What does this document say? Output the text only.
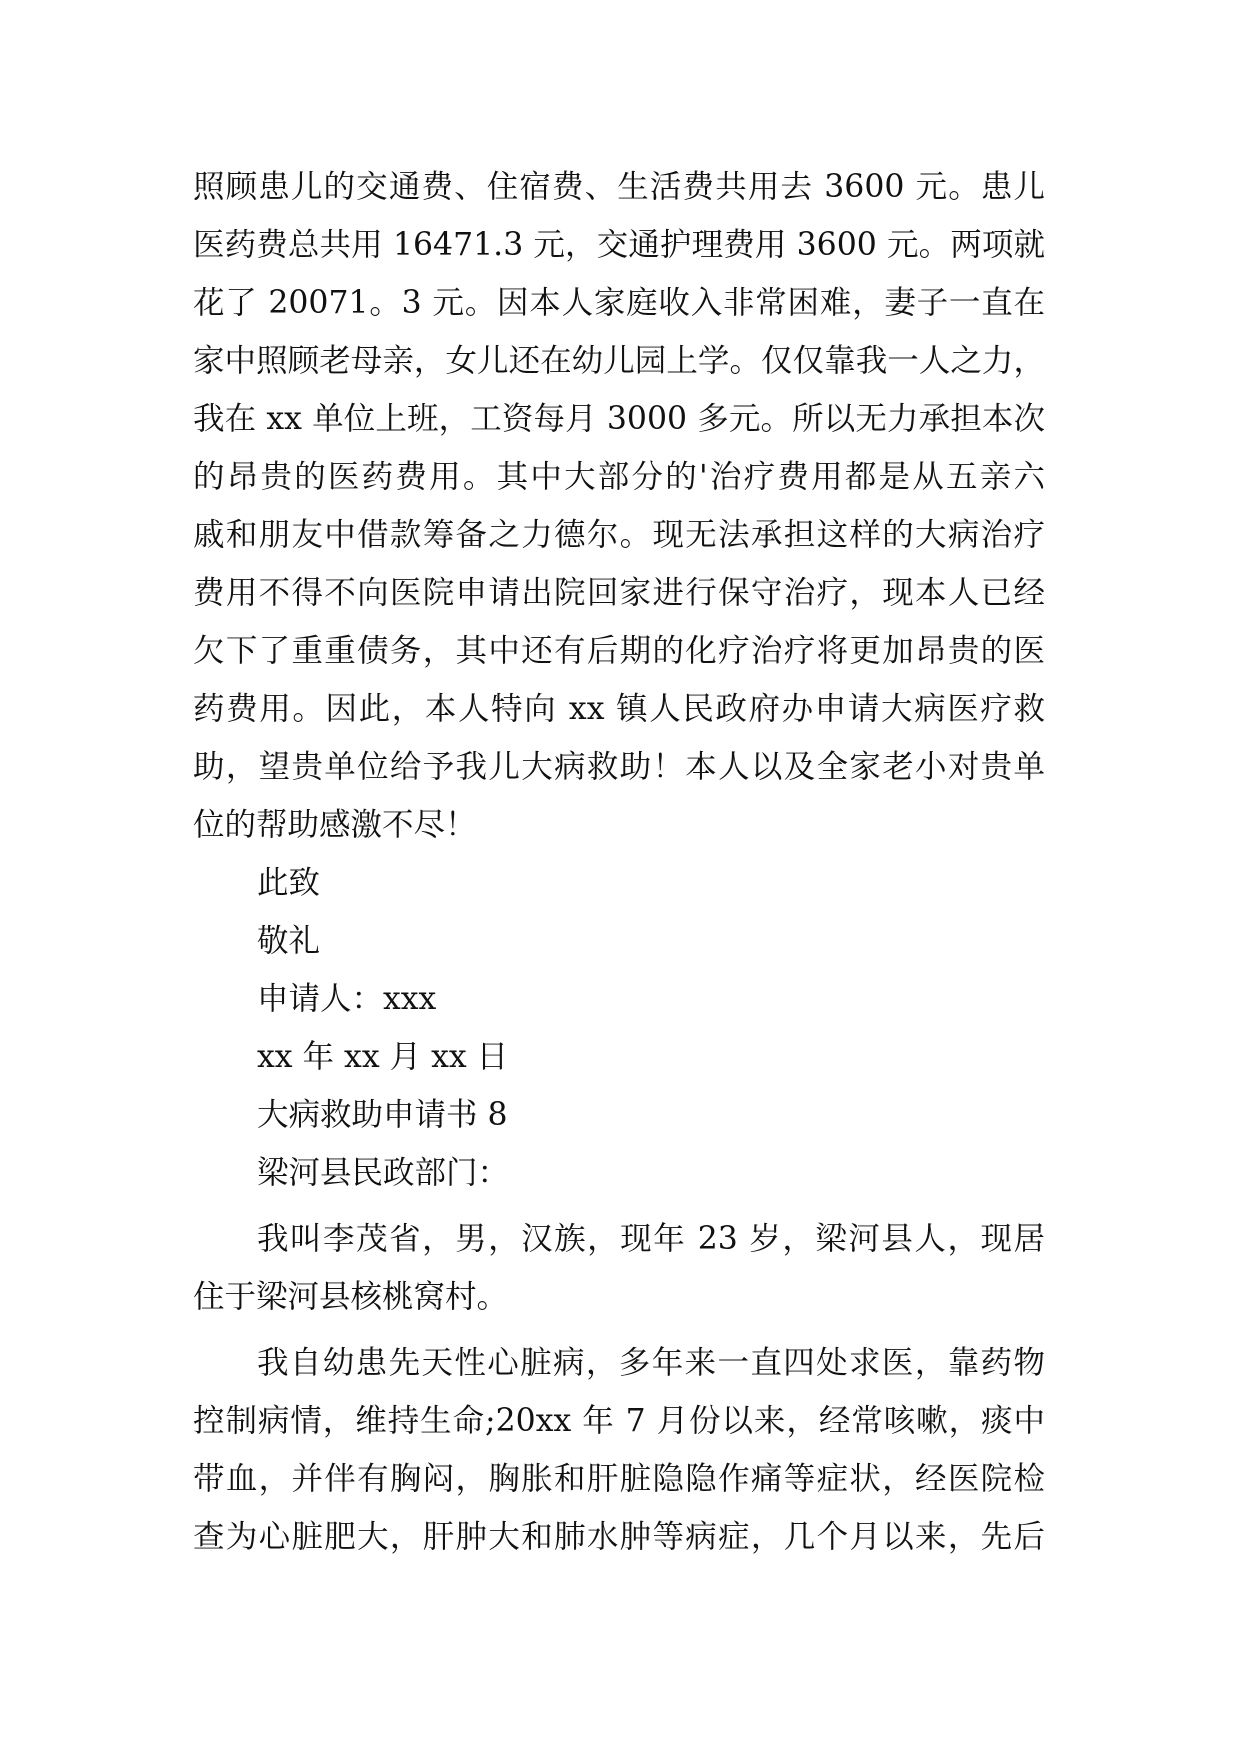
照顾患儿的交通费、住宿费、生活费共用去 3600 元。患儿
医药费总共用 16471.3 元，交通护理费用 3600 元。两项就
花了 20071。3 元。因本人家庭收入非常困难，妻子一直在
家中照顾老母亲，女儿还在幼儿园上学。仅仅靠我一人之力，
我在 xx 单位上班，工资每月 3000 多元。所以无力承担本次
的昂贵的医药费用。其中大部分的'治疗费用都是从五亲六
戚和朋友中借款筹备之力德尔。现无法承担这样的大病治疗
费用不得不向医院申请出院回家进行保守治疗，现本人已经
欠下了重重债务，其中还有后期的化疗治疗将更加昂贵的医
药费用。因此，本人特向 xx 镇人民政府办申请大病医疗救
助，望贵单位给予我儿大病救助！本人以及全家老小对贵单
位的帮助感激不尽！
此致
敬礼
申请人：xxx
xx 年 xx 月 xx 日
大病救助申请书 8
梁河县民政部门：
我叫李茂省，男，汉族，现年 23 岁，梁河县人，现居
住于梁河县核桃窝村。
我自幼患先天性心脏病，多年来一直四处求医，靠药物
控制病情，维持生命;20xx 年 7 月份以来，经常咳嗽，痰中
带血，并伴有胸闷，胸胀和肝脏隐隐作痛等症状，经医院检
查为心脏肥大，肝肿大和肺水肿等病症，几个月以来，先后
